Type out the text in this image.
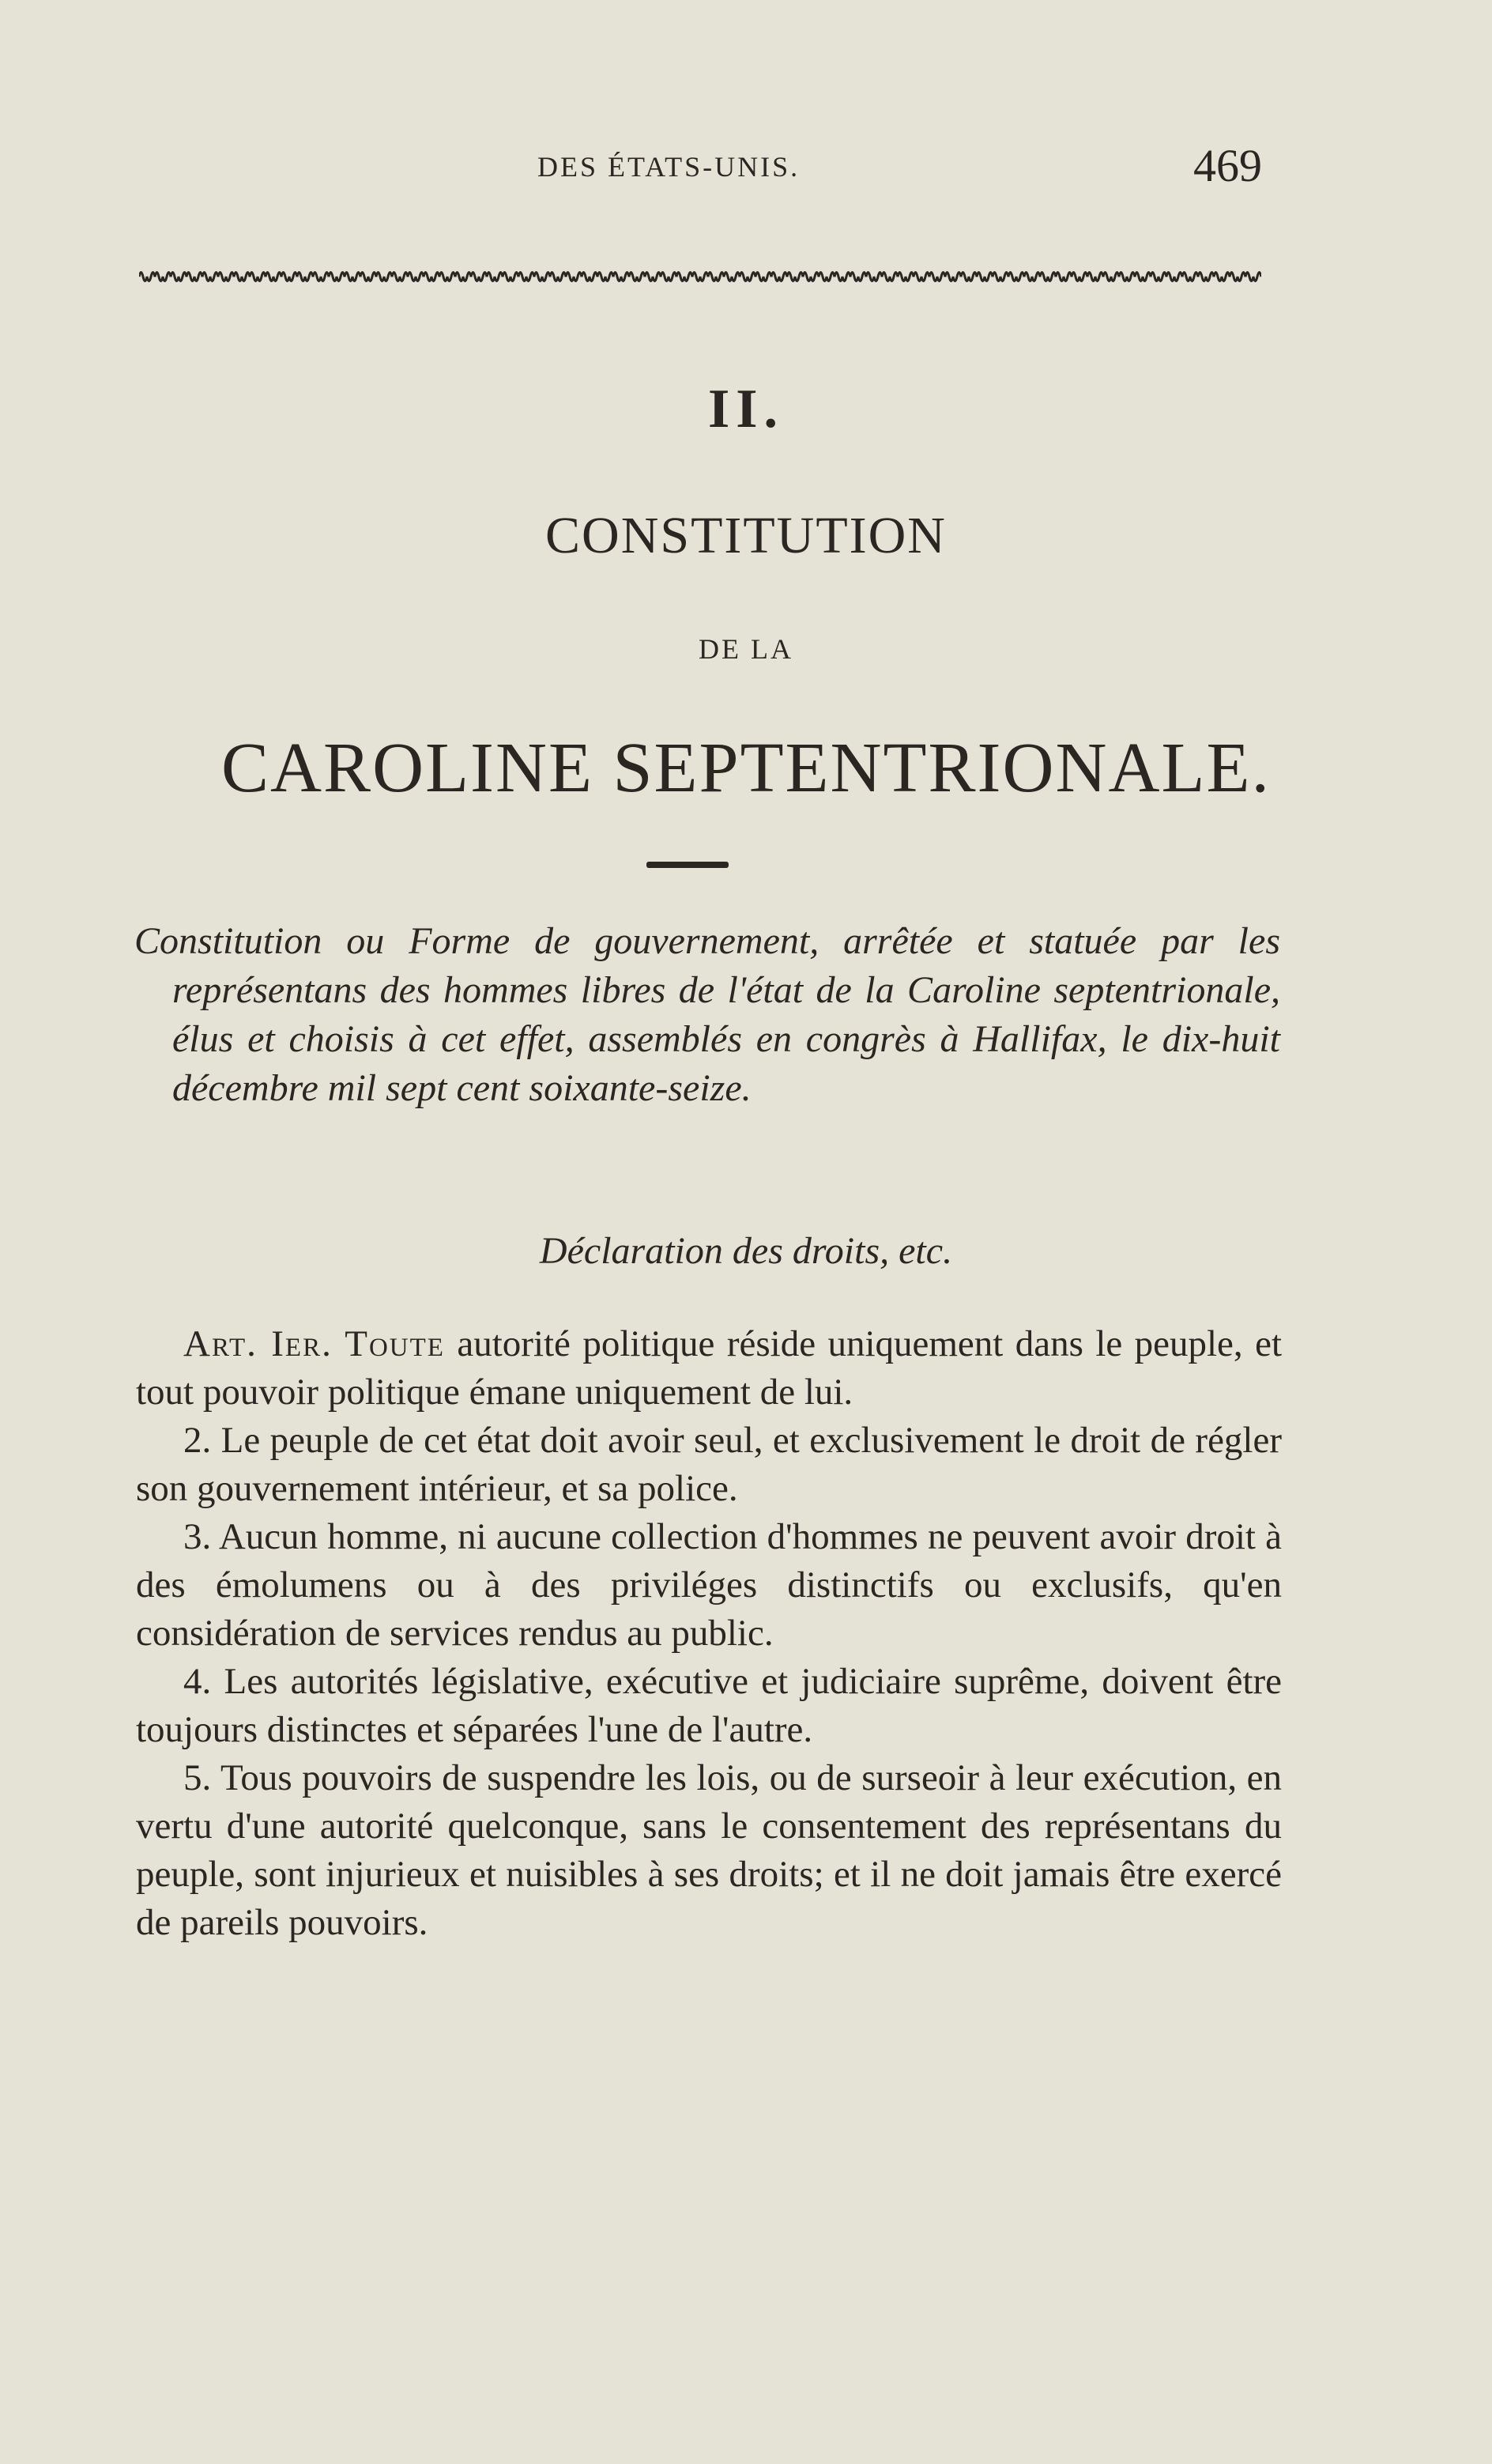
DES ÉTATS-UNIS.	469
II.
CONSTITUTION
DE LA
CAROLINE SEPTENTRIONALE.
Constitution ou Forme de gouvernement, arrêtée et statuée par les représentans des hommes libres de l'état de la Caroline septentrionale, élus et choisis à cet effet, assemblés en congrès à Hallifax, le dix-huit décembre mil sept cent soixante-seize.
Déclaration des droits, etc.

Art. Ier. Toute autorité politique réside uniquement dans le peuple, et tout pouvoir politique émane uniquement de lui.

2. Le peuple de cet état doit avoir seul, et exclusivement le droit de régler son gouvernement intérieur, et sa police.

3. Aucun homme, ni aucune collection d'hommes ne peuvent avoir droit à des émolumens ou à des priviléges distinctifs ou exclusifs, qu'en considération de services rendus au public.

4. Les autorités législative, exécutive et judiciaire suprême, doivent être toujours distinctes et séparées l'une de l'autre.

5. Tous pouvoirs de suspendre les lois, ou de surseoir à leur exécution, en vertu d'une autorité quelconque, sans le consentement des représentans du peuple, sont injurieux et nuisibles à ses droits; et il ne doit jamais être exercé de pareils pouvoirs.
